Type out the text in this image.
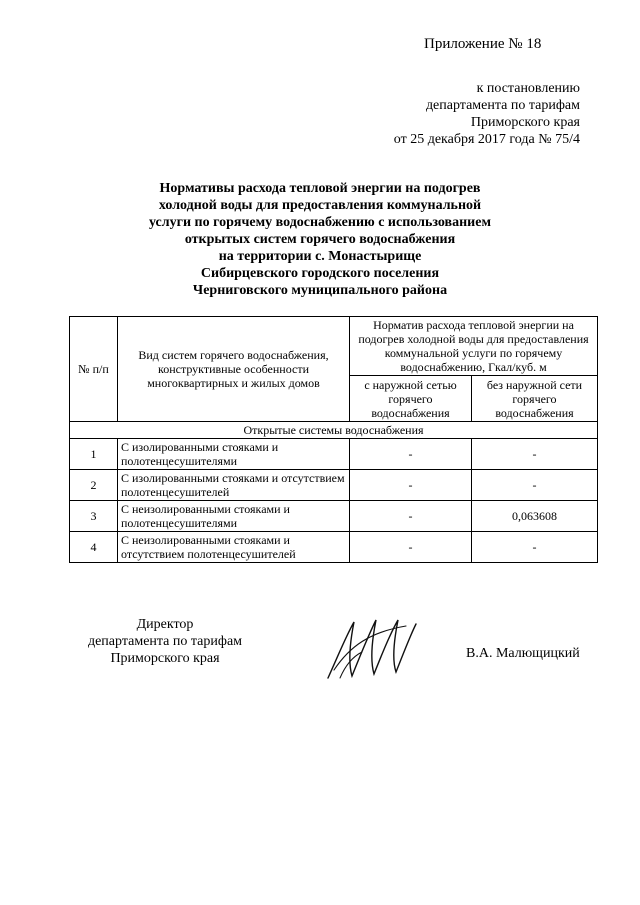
Приложение № 18
к постановлению
департамента по тарифам
Приморского края
от 25 декабря 2017 года № 75/4
Нормативы расхода тепловой энергии на подогрев
холодной воды для предоставления коммунальной
услуги по горячему водоснабжению с использованием
открытых систем горячего водоснабжения
на территории с. Монастырище
Сибирцевского городского поселения
Черниговского муниципального района
№ п/п	Вид систем горячего водоснабжения, конструктивные особенности многоквартирных и жилых домов	Норматив расхода тепловой энергии на подогрев холодной воды для предоставления коммунальной услуги по горячему водоснабжению, Гкал/куб. м	
		с наружной сетью горячего водоснабжения	без наружной сети горячего водоснабжения
Открытые системы водоснабжения			
1	С изолированными стояками и полотенцесушителями	-	-
2	С изолированными стояками и отсутствием полотенцесушителей	-	-
3	С неизолированными стояками и полотенцесушителями	-	0,063608
4	С неизолированными стояками и отсутствием полотенцесушителей	-	-
Директор
департамента по тарифам
Приморского края	В.А. Малющицкий
